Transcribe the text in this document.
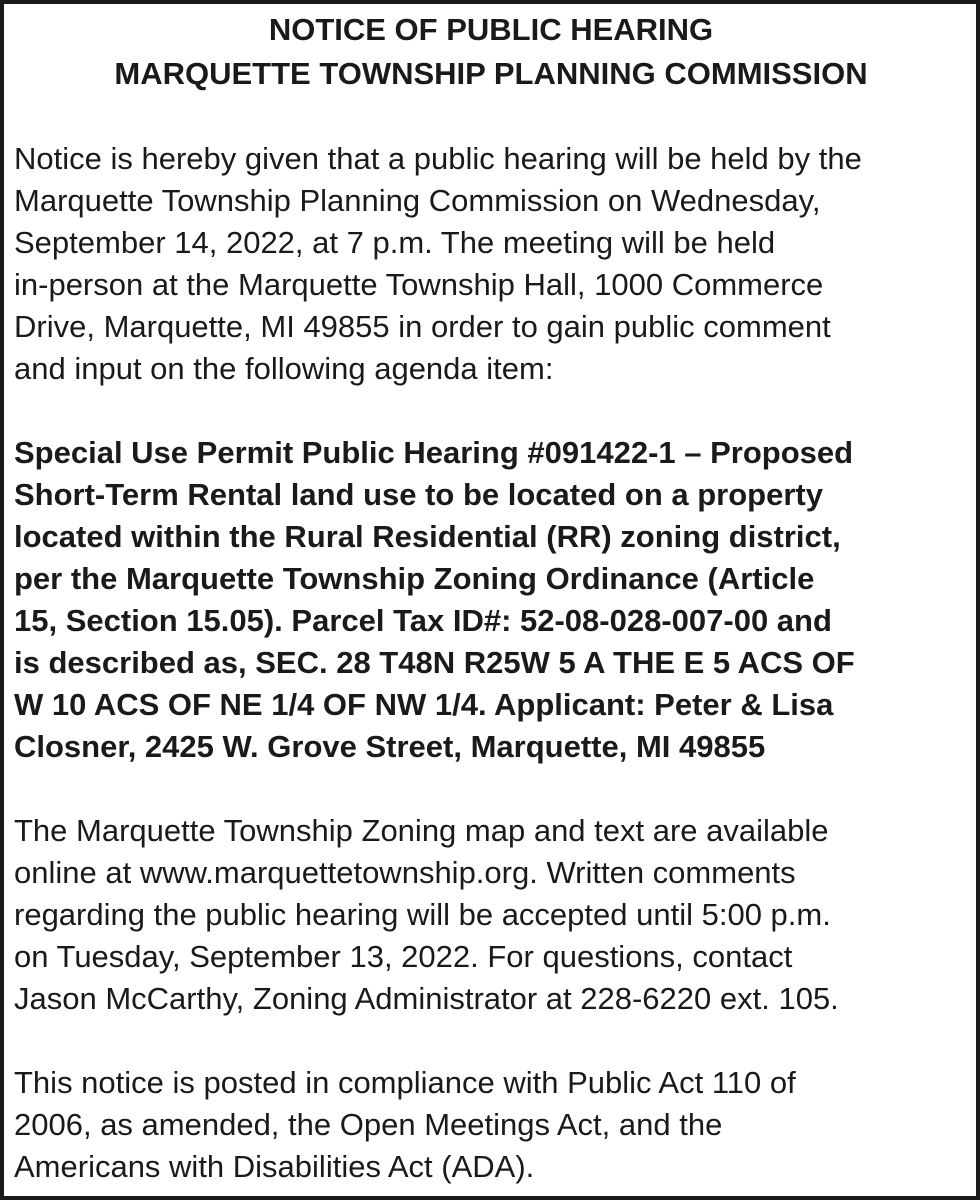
NOTICE OF PUBLIC HEARING
MARQUETTE TOWNSHIP PLANNING COMMISSION
Notice is hereby given that a public hearing will be held by the
Marquette Township Planning Commission on Wednesday,
September 14, 2022, at 7 p.m. The meeting will be held
in-person at the Marquette Township Hall, 1000 Commerce
Drive, Marquette, MI 49855 in order to gain public comment
and input on the following agenda item:
Special Use Permit Public Hearing #091422-1 – Proposed
Short-Term Rental land use to be located on a property
located within the Rural Residential (RR) zoning district,
per the Marquette Township Zoning Ordinance (Article
15, Section 15.05). Parcel Tax ID#: 52-08-028-007-00 and
is described as, SEC. 28 T48N R25W 5 A THE E 5 ACS OF
W 10 ACS OF NE 1/4 OF NW 1/4. Applicant: Peter & Lisa
Closner, 2425 W. Grove Street, Marquette, MI 49855
The Marquette Township Zoning map and text are available
online at www.marquettetownship.org. Written comments
regarding the public hearing will be accepted until 5:00 p.m.
on Tuesday, September 13, 2022. For questions, contact
Jason McCarthy, Zoning Administrator at 228-6220 ext. 105.
This notice is posted in compliance with Public Act 110 of
2006, as amended, the Open Meetings Act, and the
Americans with Disabilities Act (ADA).
